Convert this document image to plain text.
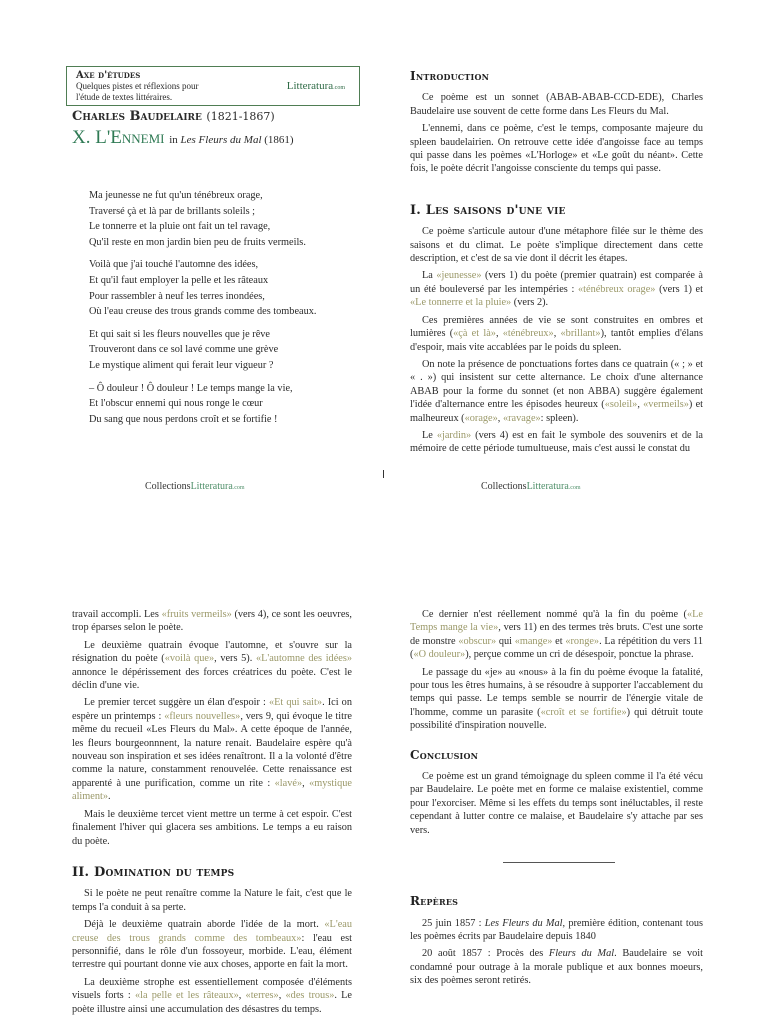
Axe d'études
Quelques pistes et réflexions pour
l'étude de textes littéraires.
Litteratura.com
Charles Baudelaire (1821-1867)
X. L'Ennemi in Les Fleurs du Mal (1861)
Ma jeunesse ne fut qu'un ténébreux orage,
Traversé çà et là par de brillants soleils ;
Le tonnerre et la pluie ont fait un tel ravage,
Qu'il reste en mon jardin bien peu de fruits vermeils.
Voilà que j'ai touché l'automne des idées,
Et qu'il faut employer la pelle et les râteaux
Pour rassembler à neuf les terres inondées,
Où l'eau creuse des trous grands comme des tombeaux.
Et qui sait si les fleurs nouvelles que je rêve
Trouveront dans ce sol lavé comme une grève
Le mystique aliment qui ferait leur vigueur ?
– Ô douleur ! Ô douleur ! Le temps mange la vie,
Et l'obscur ennemi qui nous ronge le cœur
Du sang que nous perdons croît et se fortifie !
CollectionsLitteratura.com	CollectionsLitteratura.com
Introduction

Ce poème est un sonnet (ABAB-ABAB-CCD-EDE), Charles Baudelaire use souvent de cette forme dans Les Fleurs du Mal.

L'ennemi, dans ce poème, c'est le temps, composante majeure du spleen baudelairien. On retrouve cette idée d'angoisse face au temps qui passe dans les poèmes «L'Horloge» et «Le goût du néant». Cette fois, le poète décrit l'angoisse consciente du temps qui passe.

I. Les saisons d'une vie

Ce poème s'articule autour d'une métaphore filée sur le thème des saisons et du climat. Le poète s'implique directement dans cette description, et c'est de sa vie dont il décrit les étapes.

La «jeunesse» (vers 1) du poète (premier quatrain) est comparée à un été bouleversé par les intempéries : «ténébreux orage» (vers 1) et «Le tonnerre et la pluie» (vers 2).

Ces premières années de vie se sont construites en ombres et lumières («çà et là», «ténébreux», «brillant»), tantôt emplies d'élans d'espoir, mais vite accablées par le poids du spleen.

On note la présence de ponctuations fortes dans ce quatrain (« ; » et « . ») qui insistent sur cette alternance. Le choix d'une alternance ABAB pour la forme du sonnet (et non ABBA) suggère également l'idée d'alternance entre les épisodes heureux («soleil», «vermeils») et malheureux («orage», «ravage»: spleen).

Le «jardin» (vers 4) est en fait le symbole des souvenirs et de la mémoire de cette période tumultueuse, mais c'est aussi le constat du

travail accompli. Les «fruits vermeils» (vers 4), ce sont les oeuvres, trop éparses selon le poète.

Le deuxième quatrain évoque l'automne, et s'ouvre sur la résignation du poète («voilà que», vers 5). «L'automne des idées» annonce le dépérissement des forces créatrices du poète. C'est le déclin d'une vie.

Le premier tercet suggère un élan d'espoir : «Et qui sait». Ici on espère un printemps : «fleurs nouvelles», vers 9, qui évoque le titre même du recueil «Les Fleurs du Mal». A cette époque de l'année, les fleurs bourgeonnnent, la nature renait. Baudelaire espère qu'à nouveau son inspiration et ses idées renaîtront. Il a la volonté d'être comme la nature, constamment renouvelée. Cette renaissance est apparenté à une purification, comme un rite : «lavé», «mystique aliment».

Mais le deuxième tercet vient mettre un terme à cet espoir. C'est finalement l'hiver qui glacera ses ambitions. Le temps a eu raison du poète.

II. Domination du temps

Si le poète ne peut renaître comme la Nature le fait, c'est que le temps l'a conduit à sa perte.

Déjà le deuxième quatrain aborde l'idée de la mort. «L'eau creuse des trous grands comme des tombeaux»: l'eau est personnifié, dans le rôle d'un fossoyeur, morbide. L'eau, élément terrestre qui pourtant donne vie aux choses, apporte en fait la mort.

La deuxième strophe est essentiellement composée d'éléments visuels forts : «la pelle et les râteaux», «terres», «des trous». Le poète illustre ainsi une accumulation des désastres du temps.

Ce dernier n'est réellement nommé qu'à la fin du poème («Le Temps mange la vie», vers 11) en des termes très bruts. C'est une sorte de monstre «obscur» qui «mange» et «ronge». La répétition du vers 11 («O douleur»), perçue comme un cri de désespoir, ponctue la phrase.

Le passage du «je» au «nous» à la fin du poème évoque la fatalité, pour tous les êtres humains, à se résoudre à supporter l'accablement du temps qui passe. Le temps semble se nourrir de l'énergie vitale de l'homme, comme un parasite («croît et se fortifie») qui détruit toute possibilité d'inspiration nouvelle.

Conclusion

Ce poème est un grand témoignage du spleen comme il l'a été vécu par Baudelaire. Le poète met en forme ce malaise existentiel, comme pour l'exorciser. Même si les effets du temps sont inéluctables, il reste cependant à lutter contre ce malaise, et Baudelaire s'y attache par ses vers.

Repères

25 juin 1857 : Les Fleurs du Mal, première édition, contenant tous les poèmes écrits par Baudelaire depuis 1840

20 août 1857 : Procès des Fleurs du Mal. Baudelaire se voit condamné pour outrage à la morale publique et aux bonnes moeurs, six des poèmes seront retirés.
